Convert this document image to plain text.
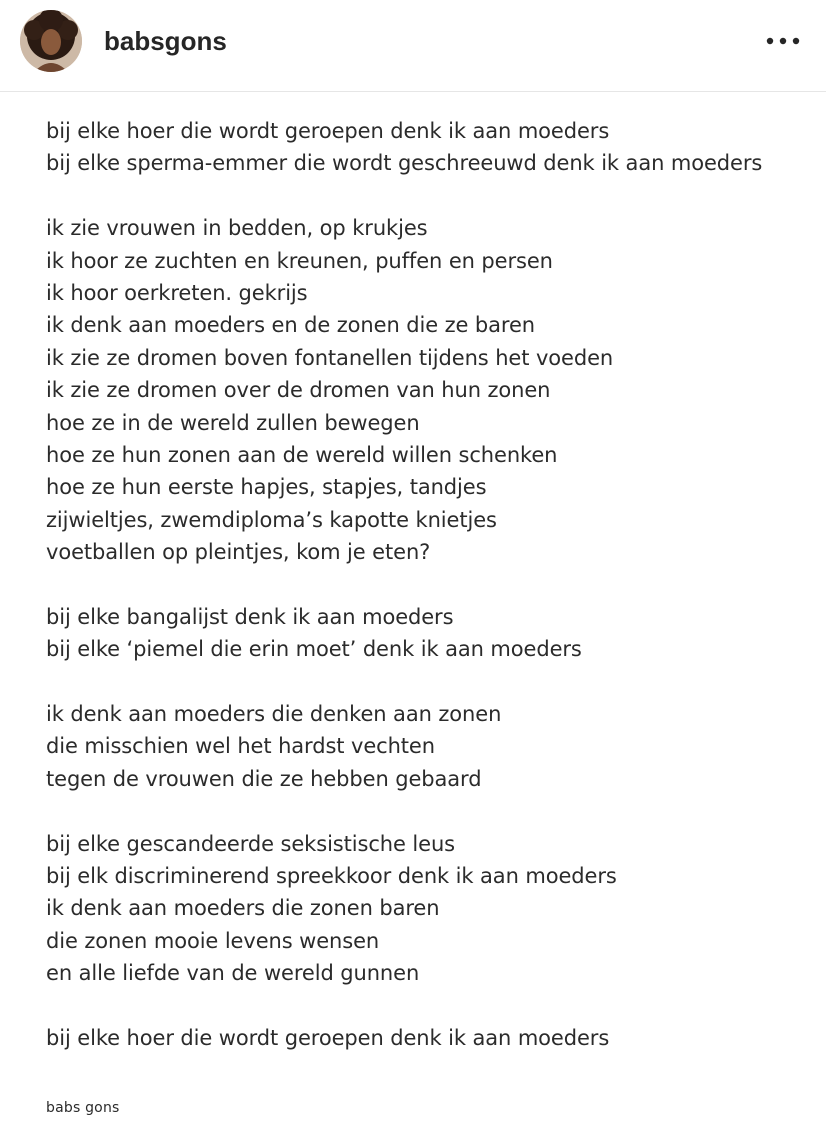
babsgons
bij elke hoer die wordt geroepen denk ik aan moeders
bij elke sperma-emmer die wordt geschreeuwd denk ik aan moeders
ik zie vrouwen in bedden, op krukjes
ik hoor ze zuchten en kreunen, puffen en persen
ik hoor oerkreten. gekrijs
ik denk aan moeders en de zonen die ze baren
ik zie ze dromen boven fontanellen tijdens het voeden
ik zie ze dromen over de dromen van hun zonen
hoe ze in de wereld zullen bewegen
hoe ze hun zonen aan de wereld willen schenken
hoe ze hun eerste hapjes, stapjes, tandjes
zijwieltjes, zwemdiploma’s kapotte knietjes
voetballen op pleintjes, kom je eten?
bij elke bangalijst denk ik aan moeders
bij elke ‘piemel die erin moet’ denk ik aan moeders
ik denk aan moeders die denken aan zonen
die misschien wel het hardst vechten
tegen de vrouwen die ze hebben gebaard
bij elke gescandeerde seksistische leus
bij elk discriminerend spreekkoor denk ik aan moeders
ik denk aan moeders die zonen baren
die zonen mooie levens wensen
en alle liefde van de wereld gunnen
bij elke hoer die wordt geroepen denk ik aan moeders
babs gons
